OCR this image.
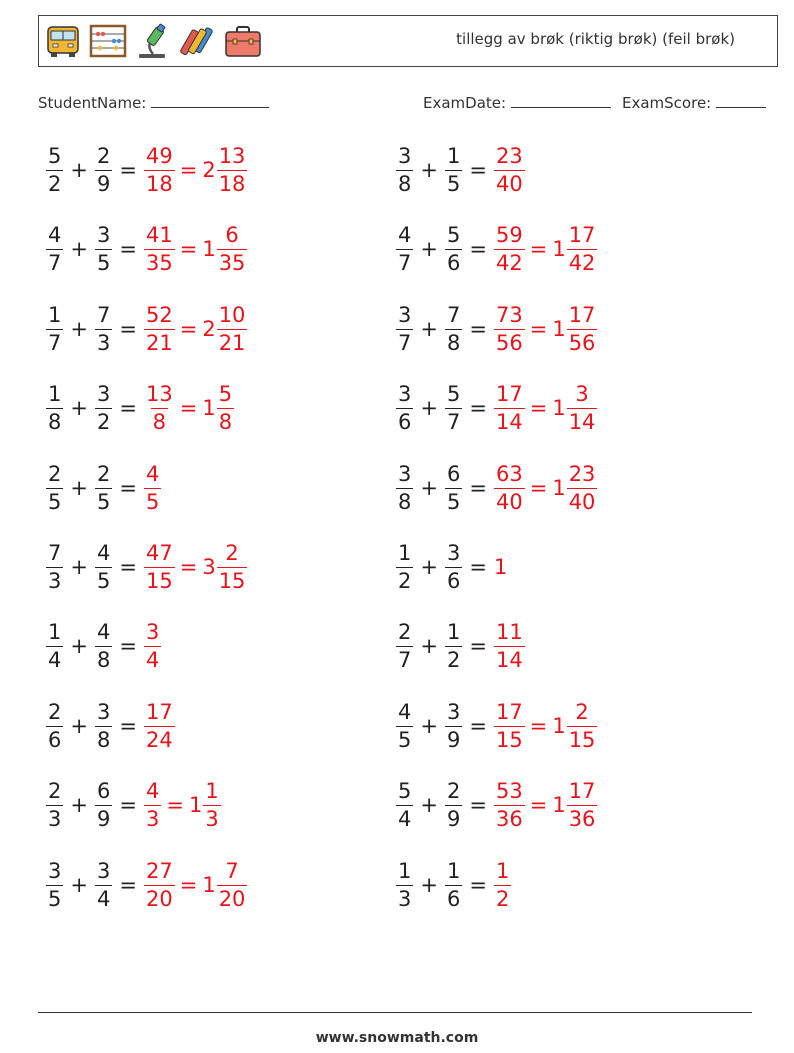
tillegg av brøk (riktig brøk) (feil brøk)
StudentName:	ExamDate:	ExamScore:
$\frac{5}{2} + \frac{2}{9} = \frac{49}{18} = 2 \frac{13}{18}$
$\frac{4}{7} + \frac{3}{5} = \frac{41}{35} = 1 \frac{6}{35}$
$\frac{1}{7} + \frac{7}{3} = \frac{52}{21} = 2 \frac{10}{21}$
$\frac{1}{8} + \frac{3}{2} = \frac{13}{8} = 1 \frac{5}{8}$
$\frac{2}{5} + \frac{2}{5} = \frac{4}{5}$
$\frac{7}{3} + \frac{4}{5} = \frac{47}{15} = 3 \frac{2}{15}$
$\frac{1}{4} + \frac{4}{8} = \frac{3}{4}$
$\frac{2}{6} + \frac{3}{8} = \frac{17}{24}$
$\frac{2}{3} + \frac{6}{9} = \frac{4}{3} = 1 \frac{1}{3}$
$\frac{3}{5} + \frac{3}{4} = \frac{27}{20} = 1 \frac{7}{20}$
$\frac{3}{8} + \frac{1}{5} = \frac{23}{40}$
$\frac{4}{7} + \frac{5}{6} = \frac{59}{42} = 1 \frac{17}{42}$
$\frac{3}{7} + \frac{7}{8} = \frac{73}{56} = 1 \frac{17}{56}$
$\frac{3}{6} + \frac{5}{7} = \frac{17}{14} = 1 \frac{3}{14}$
$\frac{3}{8} + \frac{6}{5} = \frac{63}{40} = 1 \frac{23}{40}$
$\frac{1}{2} + \frac{3}{6} = 1$
$\frac{2}{7} + \frac{1}{2} = \frac{11}{14}$
$\frac{4}{5} + \frac{3}{9} = \frac{17}{15} = 1 \frac{2}{15}$
$\frac{5}{4} + \frac{2}{9} = \frac{53}{36} = 1 \frac{17}{36}$
$\frac{1}{3} + \frac{1}{6} = \frac{1}{2}$
www.snowmath.com
